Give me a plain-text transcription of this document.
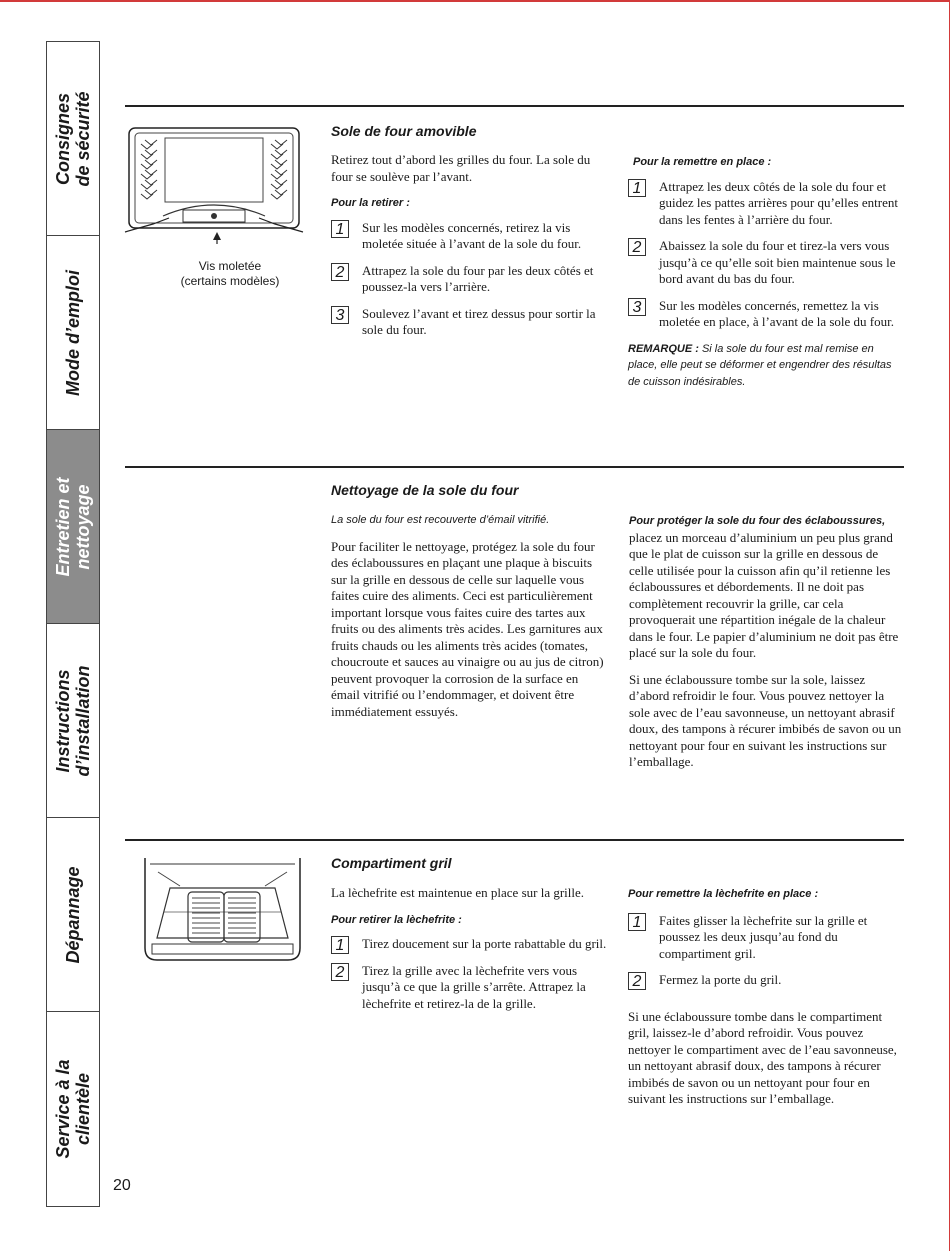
Consignes
de sécurité
Mode d’emploi
Entretien et
nettoyage
Instructions
d’installation
Dépannage
Service à la
clientèle
20
Vis moletée
(certains modèles)
Sole de four amovible

Retirez tout d’abord les grilles du four. La sole du four se soulève par l’avant.

Pour la retirer :
1	Sur les modèles concernés, retirez la vis moletée située à l’avant de la sole du four.
2	Attrapez la sole du four par les deux côtés et poussez-la vers l’arrière.
3	Soulevez l’avant et tirez dessus pour sortir la sole du four.
Pour la remettre en place :
1	Attrapez les deux côtés de la sole du four et guidez les pattes arrières pour qu’elles entrent dans les fentes à l’arrière du four.
2	Abaissez la sole du four et tirez-la vers vous jusqu’à ce qu’elle soit bien maintenue sous le bord avant du bas du four.
3	Sur les modèles concernés, remettez la vis moletée en place, à l’avant de la sole du four.
REMARQUE : Si la sole du four est mal remise en place, elle peut se déformer et engendrer des résultas de cuisson indésirables.
Nettoyage de la sole du four
La sole du four est recouverte d’émail vitrifié.

Pour faciliter le nettoyage, protégez la sole du four des éclaboussures en plaçant une plaque à biscuits sur la grille en dessous de celle sur laquelle vous faites cuire des aliments. Ceci est particulièrement important lorsque vous faites cuire des tartes aux fruits ou des aliments très acides. Les garnitures aux fruits chauds ou les aliments très acides (tomates, choucroute et sauces au vinaigre ou au jus de citron) peuvent provoquer la corrosion de la surface en émail vitrifié ou l’endommager, et doivent être immédiatement essuyés.

Pour protéger la sole du four des éclaboussures, placez un morceau d’aluminium un peu plus grand que le plat de cuisson sur la grille en dessous de celle utilisée pour la cuisson afin qu’il retienne les éclaboussures et débordements. Il ne doit pas complètement recouvrir la grille, car cela provoquerait une répartition inégale de la chaleur dans le four. Le papier d’aluminium ne doit pas être placé sur la sole du four.

Si une éclaboussure tombe sur la sole, laissez d’abord refroidir le four. Vous pouvez nettoyer la sole avec de l’eau savonneuse, un nettoyant abrasif doux, des tampons à récurer imbibés de savon ou un nettoyant pour four en suivant les instructions sur l’emballage.

Compartiment gril

La lèchefrite est maintenue en place sur la grille.

Pour retirer la lèchefrite :
1	Tirez doucement sur la porte rabattable du gril.
2	Tirez la grille avec la lèchefrite vers vous jusqu’à ce que la grille s’arrête. Attrapez la lèchefrite et retirez-la de la grille.
Pour remettre la lèchefrite en place :
1	Faites glisser la lèchefrite sur la grille et poussez les deux jusqu’au fond du compartiment gril.
2	Fermez la porte du gril.

Si une éclaboussure tombe dans le compartiment gril, laissez-le d’abord refroidir. Vous pouvez nettoyer le compartiment avec de l’eau savonneuse, un nettoyant abrasif doux, des tampons à récurer imbibés de savon ou un nettoyant pour four en suivant les instructions sur l’emballage.
